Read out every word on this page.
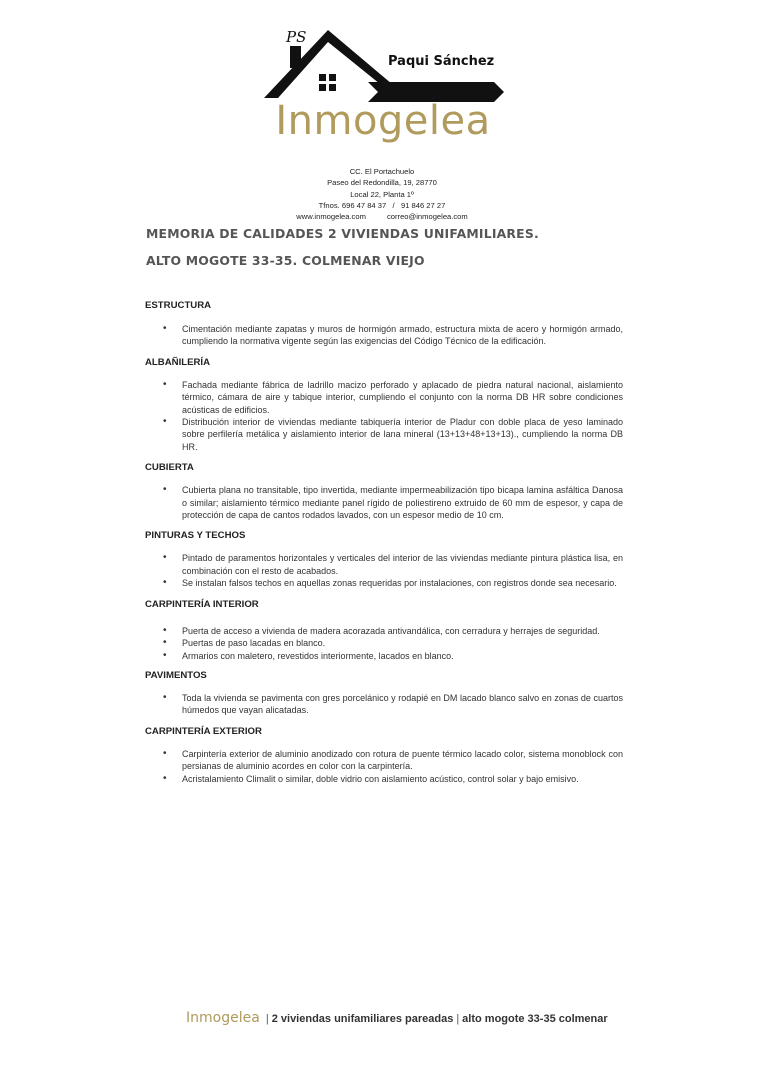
PS
Paqui Sánchez
Inmogelea
CC. El Portachuelo
Paseo del Redondilla, 19, 28770
Local 22, Planta 1º
Tfnos. 696 47 84 37   /   91 846 27 27
www.inmogelea.com          correo@inmogelea.com
MEMORIA DE CALIDADES 2 VIVIENDAS UNIFAMILIARES.
ALTO MOGOTE 33-35. COLMENAR VIEJO
ESTRUCTURA
• Cimentación mediante zapatas y muros de hormigón armado, estructura mixta de acero y hormigón armado, cumpliendo la normativa vigente según las exigencias del Código Técnico de la edificación.
ALBAÑILERÍA
• Fachada mediante fábrica de ladrillo macizo perforado y aplacado de piedra natural nacional, aislamiento térmico, cámara de aire y tabique interior, cumpliendo el conjunto con la norma DB HR sobre condiciones acústicas de edificios.
• Distribución interior de viviendas mediante tabiquería interior de Pladur con doble placa de yeso laminado sobre perfilería metálica y aislamiento interior de lana mineral (13+13+48+13+13)., cumpliendo la norma DB HR.
CUBIERTA
• Cubierta plana no transitable, tipo invertida, mediante impermeabilización tipo bicapa lamina asfáltica Danosa o similar; aislamiento térmico mediante panel rígido de poliestireno extruido de 60 mm de espesor, y capa de protección de capa de cantos rodados lavados, con un espesor medio de 10 cm.
PINTURAS Y TECHOS
• Pintado de paramentos horizontales y verticales del interior de las viviendas mediante pintura plástica lisa, en combinación con el resto de acabados.
• Se instalan falsos techos en aquellas zonas requeridas por instalaciones, con registros donde sea necesario.
CARPINTERÍA INTERIOR
• Puerta de acceso a vivienda de madera acorazada antivandálica, con cerradura y herrajes de seguridad.
• Puertas de paso lacadas en blanco.
• Armarios con maletero, revestidos interiormente, lacados en blanco.
PAVIMENTOS
• Toda la vivienda se pavimenta con gres porcelánico y rodapié en DM lacado blanco salvo en zonas de cuartos húmedos que vayan alicatadas.
CARPINTERÍA EXTERIOR
• Carpintería exterior de aluminio anodizado con rotura de puente térmico lacado color, sistema monoblock con persianas de aluminio acordes en color con la carpintería.
• Acristalamiento Climalit o similar, doble vidrio con aislamiento acústico, control solar y bajo emisivo.
Inmogelea | 2 viviendas unifamiliares pareadas | alto mogote 33-35 colmenar
